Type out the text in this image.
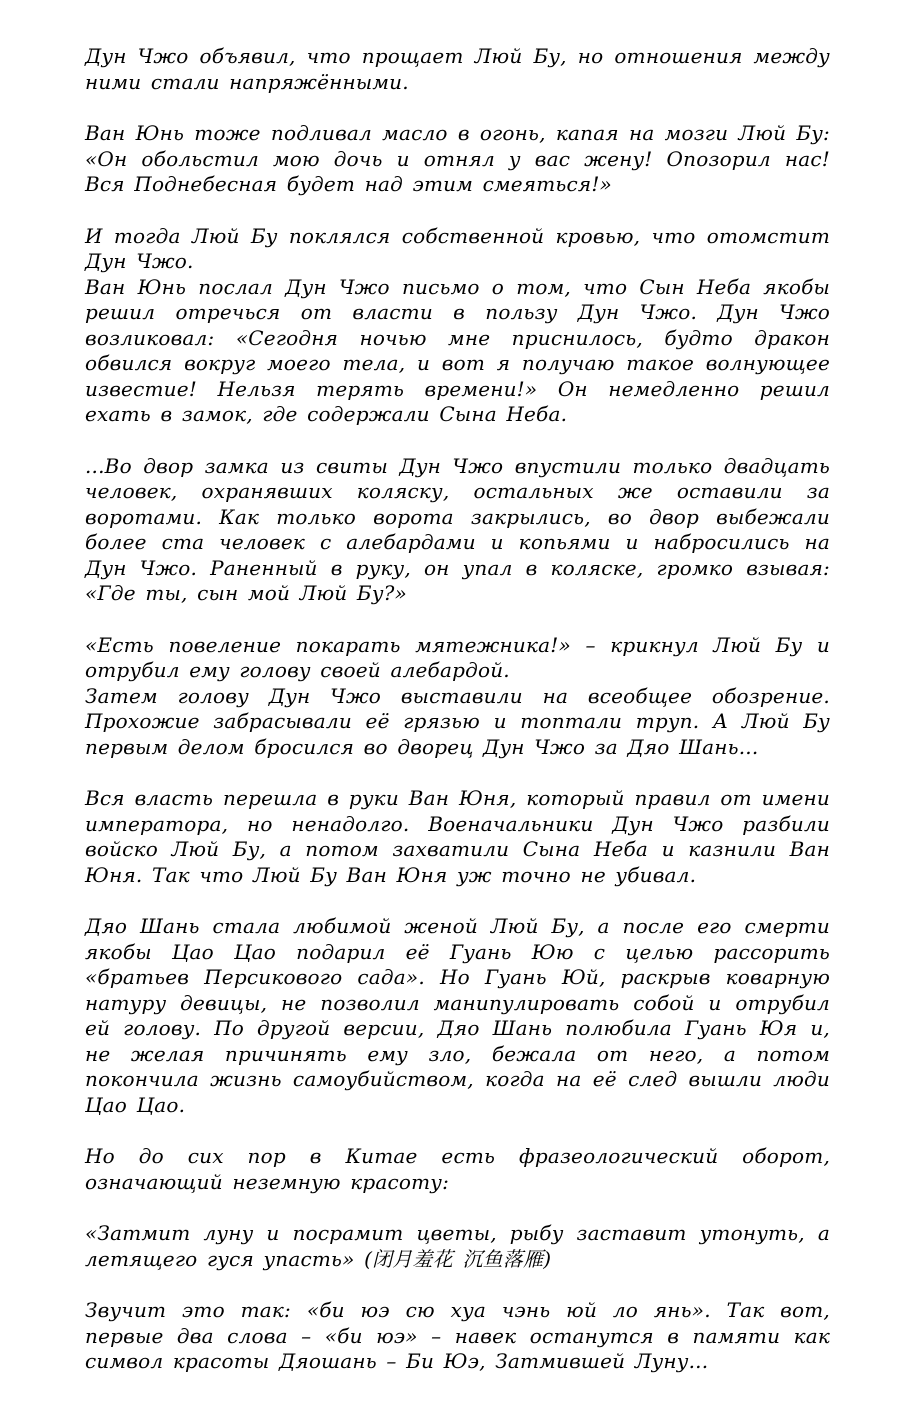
Дун Чжо объявил, что прощает Люй Бу, но отношения между ними стали напряжёнными.
Ван Юнь тоже подливал масло в огонь, капая на мозги Люй Бу: «Он обольстил мою дочь и отнял у вас жену! Опозорил нас! Вся Поднебесная будет над этим смеяться!»
И тогда Люй Бу поклялся собственной кровью, что отомстит Дун Чжо.
Ван Юнь послал Дун Чжо письмо о том, что Сын Неба якобы решил отречься от власти в пользу Дун Чжо. Дун Чжо возликовал: «Сегодня ночью мне приснилось, будто дракон обвился вокруг моего тела, и вот я получаю такое волнующее известие! Нельзя терять времени!» Он немедленно решил ехать в замок, где содержали Сына Неба.
...Во двор замка из свиты Дун Чжо впустили только двадцать человек, охранявших коляску, остальных же оставили за воротами. Как только ворота закрылись, во двор выбежали более ста человек с алебардами и копьями и набросились на Дун Чжо. Раненный в руку, он упал в коляске, громко взывая: «Где ты, сын мой Люй Бу?»
«Есть повеление покарать мятежника!» – крикнул Люй Бу и отрубил ему голову своей алебардой.
Затем голову Дун Чжо выставили на всеобщее обозрение. Прохожие забрасывали её грязью и топтали труп. А Люй Бу первым делом бросился во дворец Дун Чжо за Дяо Шань...
Вся власть перешла в руки Ван Юня, который правил от имени императора, но ненадолго. Военачальники Дун Чжо разбили войско Люй Бу, а потом захватили Сына Неба и казнили Ван Юня. Так что Люй Бу Ван Юня уж точно не убивал.
Дяо Шань стала любимой женой Люй Бу, а после его смерти якобы Цао Цао подарил её Гуань Юю с целью рассорить «братьев Персикового сада». Но Гуань Юй, раскрыв коварную натуру девицы, не позволил манипулировать собой и отрубил ей голову. По другой версии, Дяо Шань полюбила Гуань Юя и, не желая причинять ему зло, бежала от него, а потом покончила жизнь самоубийством, когда на её след вышли люди Цао Цао.
Но до сих пор в Китае есть фразеологический оборот, означающий неземную красоту:
«Затмит луну и посрамит цветы, рыбу заставит утонуть, а летящего гуся упасть» (闭月羞花 沉鱼落雁)
Звучит это так: «би юэ сю хуа чэнь юй ло янь». Так вот, первые два слова – «би юэ» – навек останутся в памяти как символ красоты Дяошань – Би Юэ, Затмившей Луну...
